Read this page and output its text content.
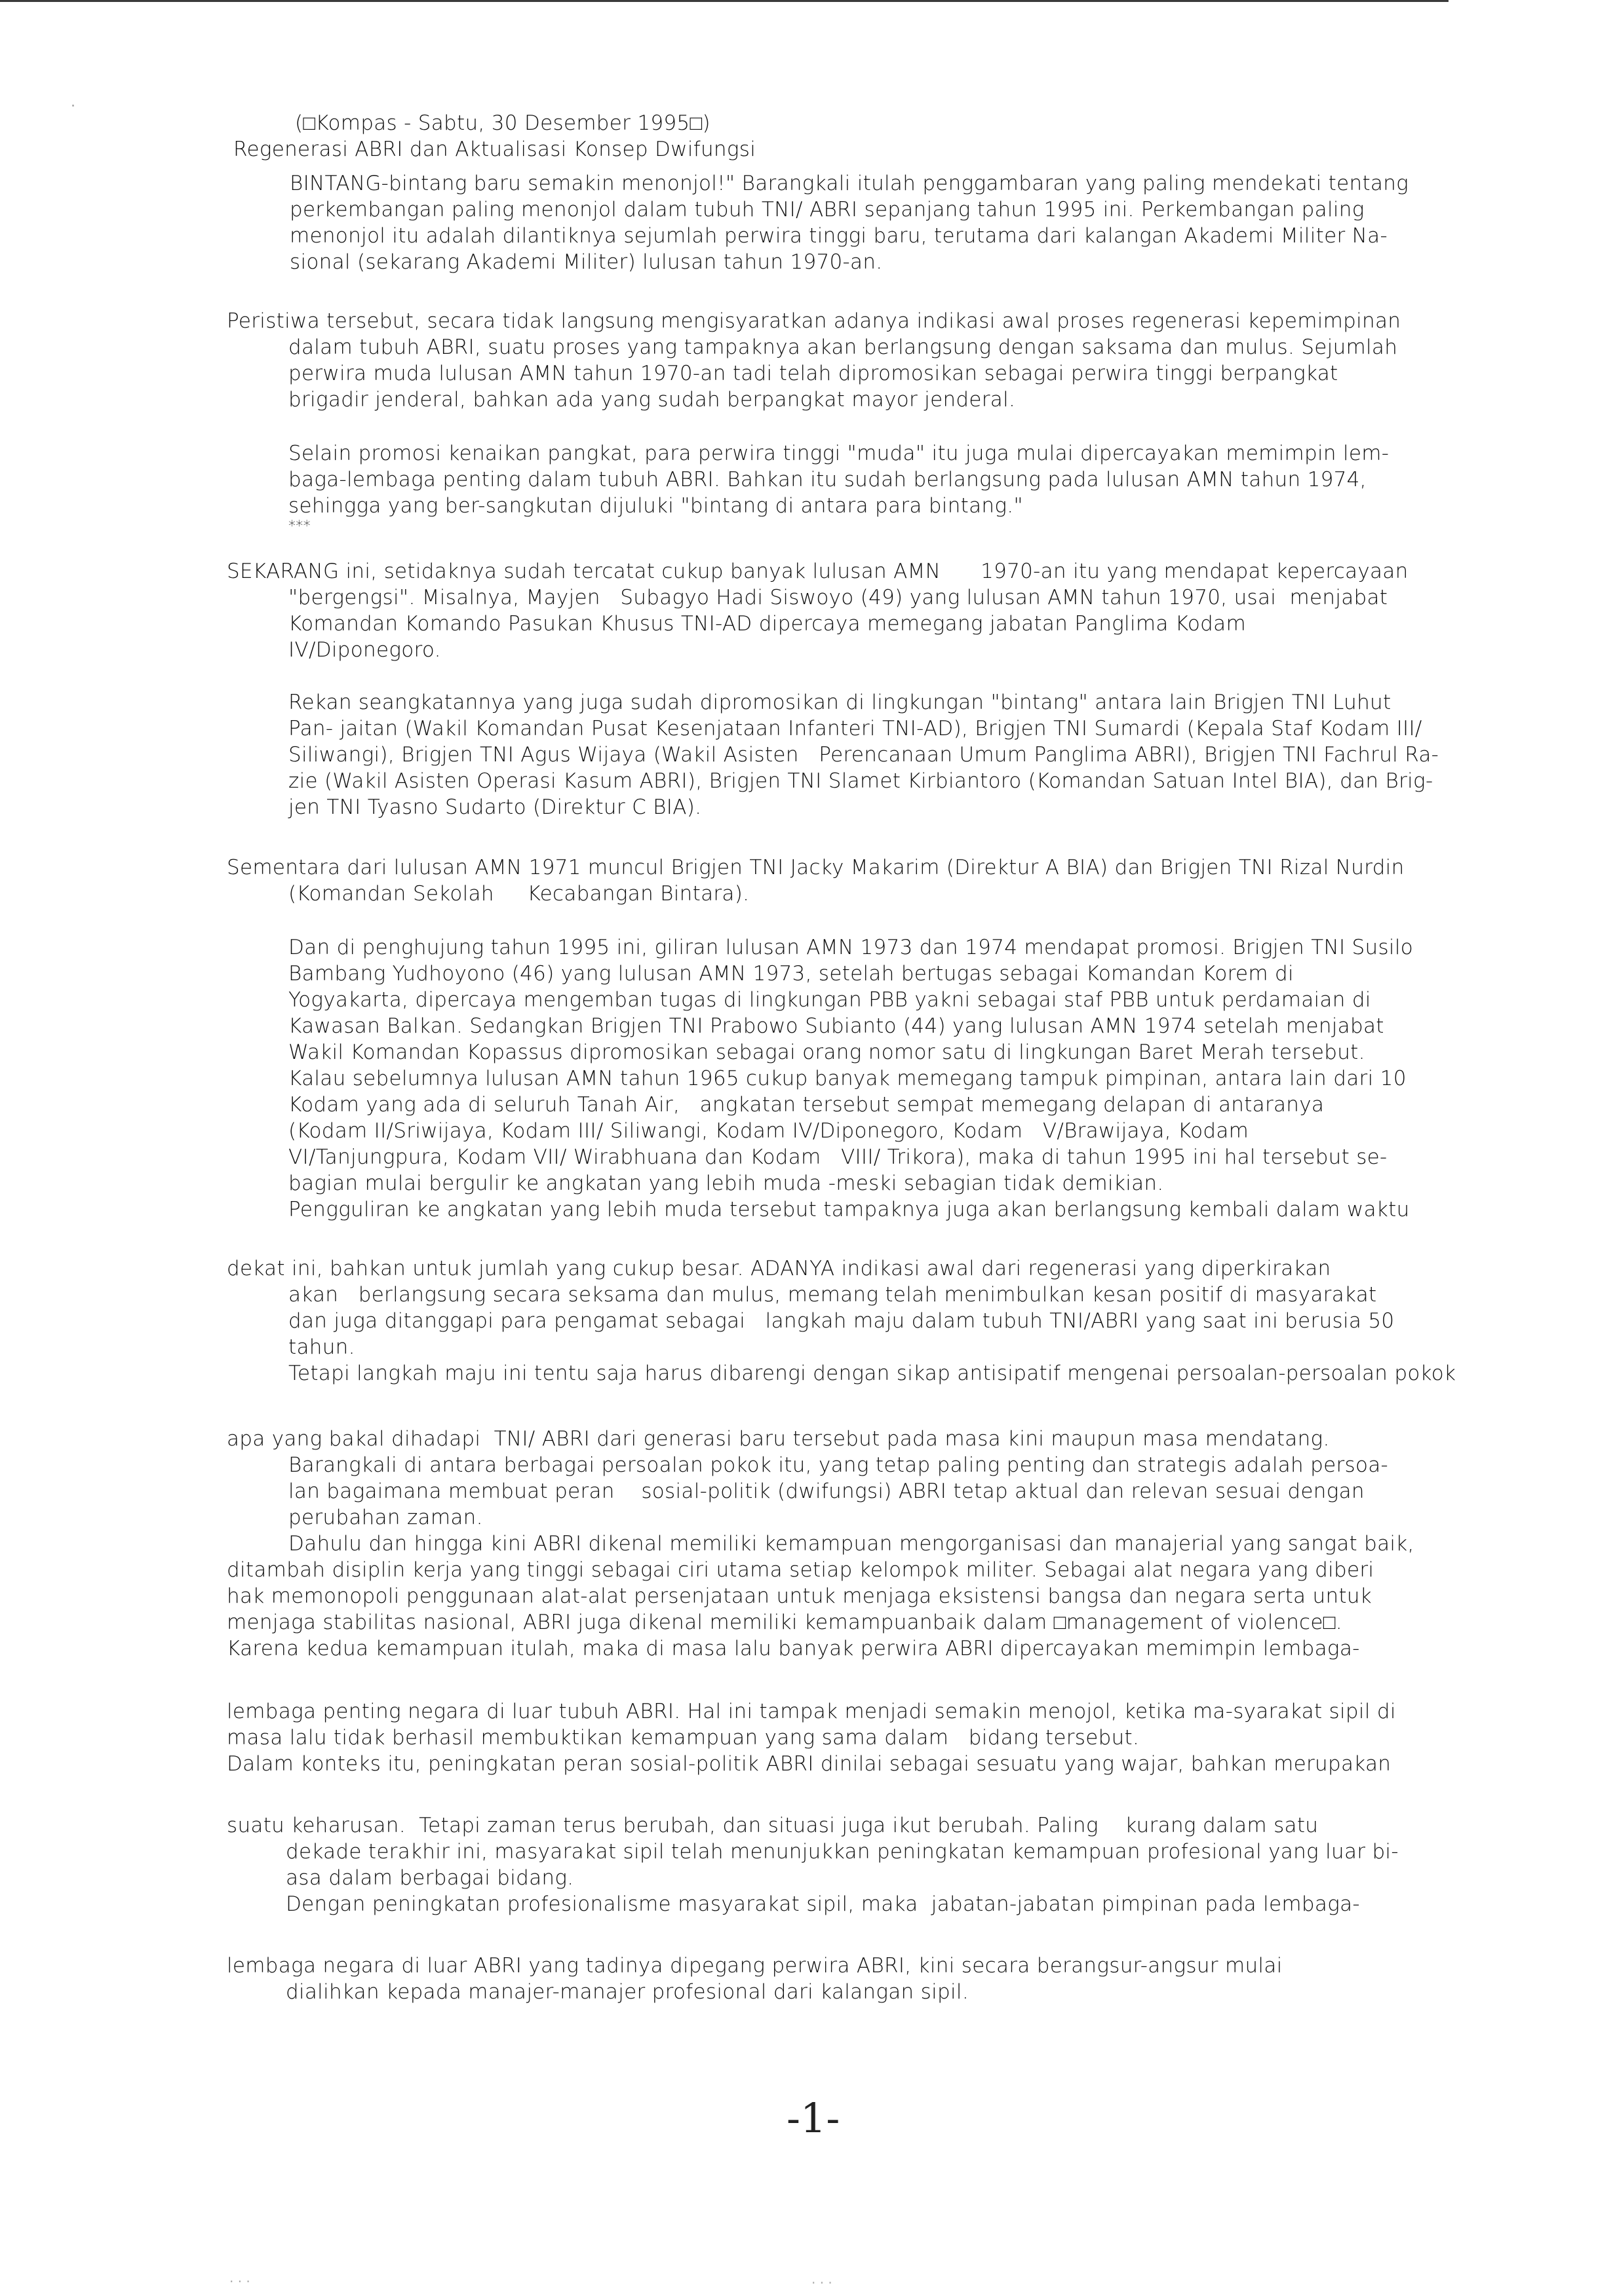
·
(□Kompas - Sabtu, 30 Desember 1995□)
Regenerasi ABRI dan Aktualisasi Konsep Dwifungsi
BINTANG-bintang baru semakin menonjol!" Barangkali itulah penggambaran yang paling mendekati tentang
perkembangan paling menonjol dalam tubuh TNI/ ABRI sepanjang tahun 1995 ini. Perkembangan paling
menonjol itu adalah dilantiknya sejumlah perwira tinggi baru, terutama dari kalangan Akademi Militer Na-
sional (sekarang Akademi Militer) lulusan tahun 1970-an.
Peristiwa tersebut, secara tidak langsung mengisyaratkan adanya indikasi awal proses regenerasi kepemimpinan
dalam tubuh ABRI, suatu proses yang tampaknya akan berlangsung dengan saksama dan mulus. Sejumlah
perwira muda lulusan AMN tahun 1970-an tadi telah dipromosikan sebagai perwira tinggi berpangkat
brigadir jenderal, bahkan ada yang sudah berpangkat mayor jenderal.
Selain promosi kenaikan pangkat, para perwira tinggi "muda" itu juga mulai dipercayakan memimpin lem-
baga-lembaga penting dalam tubuh ABRI. Bahkan itu sudah berlangsung pada lulusan AMN tahun 1974,
sehingga yang ber-sangkutan dijuluki "bintang di antara para bintang."
***
SEKARANG ini, setidaknya sudah tercatat cukup banyak lulusan AMN      1970-an itu yang mendapat kepercayaan
"bergengsi". Misalnya, Mayjen   Subagyo Hadi Siswoyo (49) yang lulusan AMN tahun 1970, usai  menjabat
Komandan Komando Pasukan Khusus TNI-AD dipercaya memegang jabatan Panglima Kodam
IV/Diponegoro.
Rekan seangkatannya yang juga sudah dipromosikan di lingkungan "bintang" antara lain Brigjen TNI Luhut
Pan- jaitan (Wakil Komandan Pusat Kesenjataan Infanteri TNI-AD), Brigjen TNI Sumardi (Kepala Staf Kodam III/
Siliwangi), Brigjen TNI Agus Wijaya (Wakil Asisten   Perencanaan Umum Panglima ABRI), Brigjen TNI Fachrul Ra-
zie (Wakil Asisten Operasi Kasum ABRI), Brigjen TNI Slamet Kirbiantoro (Komandan Satuan Intel BIA), dan Brig-
jen TNI Tyasno Sudarto (Direktur C BIA).
Sementara dari lulusan AMN 1971 muncul Brigjen TNI Jacky Makarim (Direktur A BIA) dan Brigjen TNI Rizal Nurdin
(Komandan Sekolah     Kecabangan Bintara).
Dan di penghujung tahun 1995 ini, giliran lulusan AMN 1973 dan 1974 mendapat promosi. Brigjen TNI Susilo
Bambang Yudhoyono (46) yang lulusan AMN 1973, setelah bertugas sebagai Komandan Korem di
Yogyakarta, dipercaya mengemban tugas di lingkungan PBB yakni sebagai staf PBB untuk perdamaian di
Kawasan Balkan. Sedangkan Brigjen TNI Prabowo Subianto (44) yang lulusan AMN 1974 setelah menjabat
Wakil Komandan Kopassus dipromosikan sebagai orang nomor satu di lingkungan Baret Merah tersebut.
Kalau sebelumnya lulusan AMN tahun 1965 cukup banyak memegang tampuk pimpinan, antara lain dari 10
Kodam yang ada di seluruh Tanah Air,   angkatan tersebut sempat memegang delapan di antaranya
(Kodam II/Sriwijaya, Kodam III/ Siliwangi, Kodam IV/Diponegoro, Kodam   V/Brawijaya, Kodam
VI/Tanjungpura, Kodam VII/ Wirabhuana dan Kodam   VIII/ Trikora), maka di tahun 1995 ini hal tersebut se-
bagian mulai bergulir ke angkatan yang lebih muda -meski sebagian tidak demikian.
Pengguliran ke angkatan yang lebih muda tersebut tampaknya juga akan berlangsung kembali dalam waktu
dekat ini, bahkan untuk jumlah yang cukup besar. ADANYA indikasi awal dari regenerasi yang diperkirakan
akan   berlangsung secara seksama dan mulus, memang telah menimbulkan kesan positif di masyarakat
dan juga ditanggapi para pengamat sebagai   langkah maju dalam tubuh TNI/ABRI yang saat ini berusia 50
tahun.
Tetapi langkah maju ini tentu saja harus dibarengi dengan sikap antisipatif mengenai persoalan-persoalan pokok
apa yang bakal dihadapi  TNI/ ABRI dari generasi baru tersebut pada masa kini maupun masa mendatang.
Barangkali di antara berbagai persoalan pokok itu, yang tetap paling penting dan strategis adalah persoa-
lan bagaimana membuat peran    sosial-politik (dwifungsi) ABRI tetap aktual dan relevan sesuai dengan
perubahan zaman.
Dahulu dan hingga kini ABRI dikenal memiliki kemampuan mengorganisasi dan manajerial yang sangat baik,
ditambah disiplin kerja yang tinggi sebagai ciri utama setiap kelompok militer. Sebagai alat negara yang diberi
hak memonopoli penggunaan alat-alat persenjataan untuk menjaga eksistensi bangsa dan negara serta untuk
menjaga stabilitas nasional, ABRI juga dikenal memiliki kemampuanbaik dalam □management of violence□.
Karena kedua kemampuan itulah, maka di masa lalu banyak perwira ABRI dipercayakan memimpin lembaga-
lembaga penting negara di luar tubuh ABRI. Hal ini tampak menjadi semakin menojol, ketika ma-syarakat sipil di
masa lalu tidak berhasil membuktikan kemampuan yang sama dalam   bidang tersebut.
Dalam konteks itu, peningkatan peran sosial-politik ABRI dinilai sebagai sesuatu yang wajar, bahkan merupakan
suatu keharusan.  Tetapi zaman terus berubah, dan situasi juga ikut berubah. Paling    kurang dalam satu
dekade terakhir ini, masyarakat sipil telah menunjukkan peningkatan kemampuan profesional yang luar bi-
asa dalam berbagai bidang.
Dengan peningkatan profesionalisme masyarakat sipil, maka  jabatan-jabatan pimpinan pada lembaga-
lembaga negara di luar ABRI yang tadinya dipegang perwira ABRI, kini secara berangsur-angsur mulai
dialihkan kepada manajer-manajer profesional dari kalangan sipil.
-1-
· · ·	· · ·
